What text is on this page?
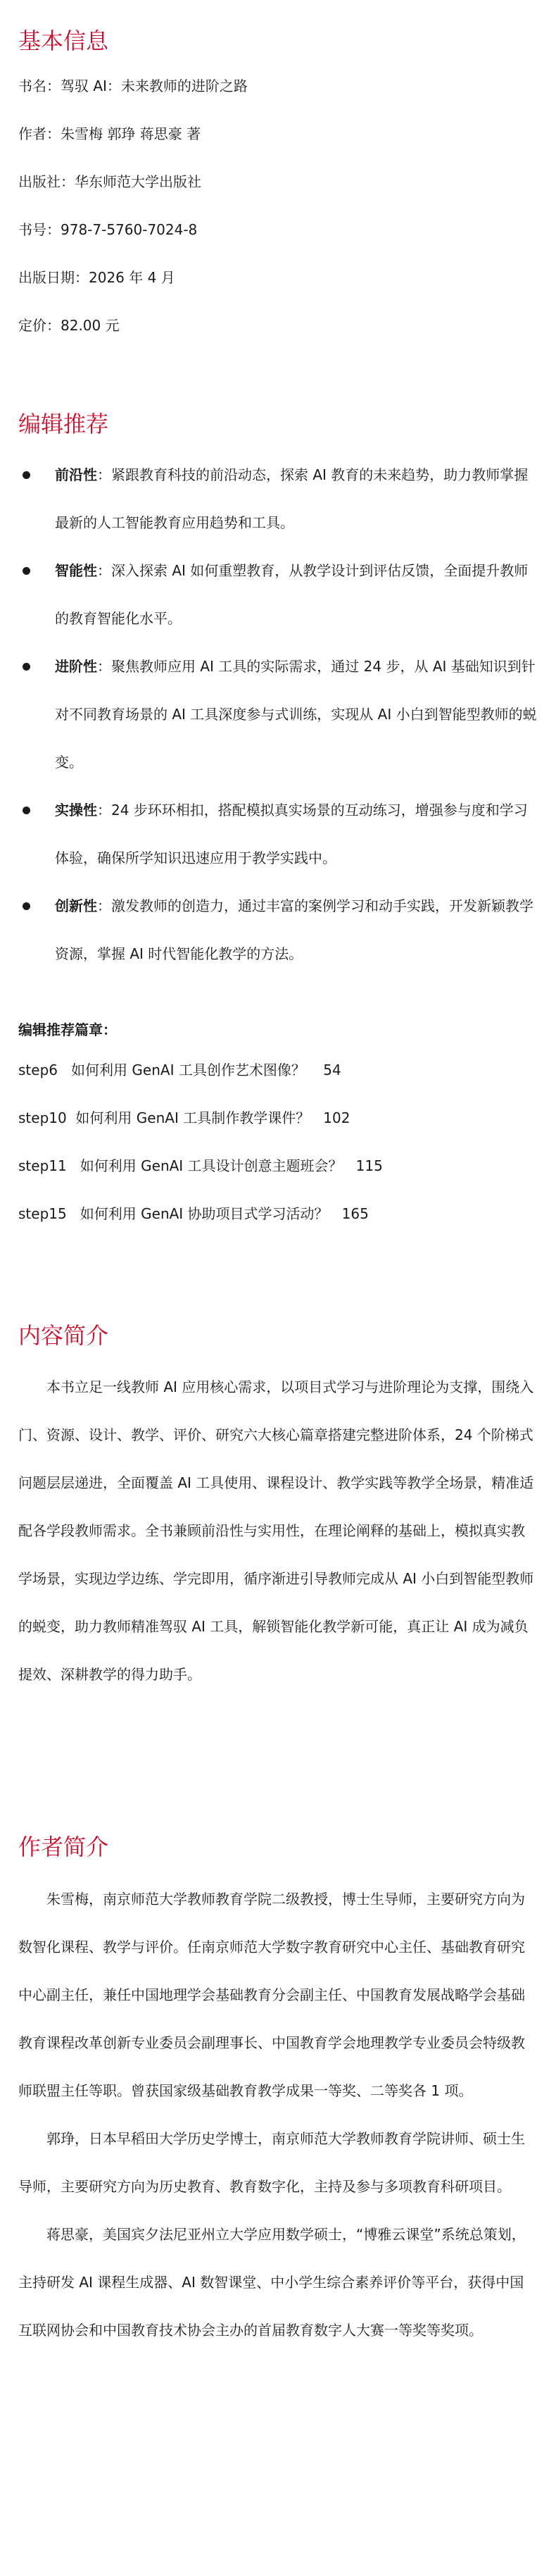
基本信息
书名：驾驭 AI：未来教师的进阶之路
作者：朱雪梅 郭琤 蒋思豪 著
出版社：华东师范大学出版社
书号：978-7-5760-7024-8
出版日期：2026 年 4 月
定价：82.00 元
编辑推荐
前沿性：紧跟教育科技的前沿动态，探索 AI 教育的未来趋势，助力教师掌握最新的人工智能教育应用趋势和工具。
智能性：深入探索 AI 如何重塑教育，从教学设计到评估反馈，全面提升教师的教育智能化水平。
进阶性：聚焦教师应用 AI 工具的实际需求，通过 24 步，从 AI 基础知识到针对不同教育场景的 AI 工具深度参与式训练，实现从 AI 小白到智能型教师的蜕变。
实操性：24 步环环相扣，搭配模拟真实场景的互动练习，增强参与度和学习体验，确保所学知识迅速应用于教学实践中。
创新性：激发教师的创造力，通过丰富的案例学习和动手实践，开发新颖教学资源，掌握 AI 时代智能化教学的方法。
编辑推荐篇章：
step6   如何利用 GenAI 工具创作艺术图像？    54
step10  如何利用 GenAI 工具制作教学课件？   102
step11   如何利用 GenAI 工具设计创意主题班会？   115
step15   如何利用 GenAI 协助项目式学习活动？   165
内容简介

本书立足一线教师 AI 应用核心需求，以项目式学习与进阶理论为支撑，围绕入门、资源、设计、教学、评价、研究六大核心篇章搭建完整进阶体系，24 个阶梯式问题层层递进，全面覆盖 AI 工具使用、课程设计、教学实践等教学全场景，精准适配各学段教师需求。全书兼顾前沿性与实用性，在理论阐释的基础上，模拟真实教学场景，实现边学边练、学完即用，循序渐进引导教师完成从 AI 小白到智能型教师的蜕变，助力教师精准驾驭 AI 工具，解锁智能化教学新可能，真正让 AI 成为减负提效、深耕教学的得力助手。

作者简介

朱雪梅，南京师范大学教师教育学院二级教授，博士生导师，主要研究方向为数智化课程、教学与评价。任南京师范大学数字教育研究中心主任、基础教育研究中心副主任，兼任中国地理学会基础教育分会副主任、中国教育发展战略学会基础教育课程改革创新专业委员会副理事长、中国教育学会地理教学专业委员会特级教师联盟主任等职。曾获国家级基础教育教学成果一等奖、二等奖各 1 项。

郭琤，日本早稻田大学历史学博士，南京师范大学教师教育学院讲师、硕士生导师，主要研究方向为历史教育、教育数字化，主持及参与多项教育科研项目。

蒋思豪，美国宾夕法尼亚州立大学应用数学硕士，“博雅云课堂”系统总策划，主持研发 AI 课程生成器、AI 数智课堂、中小学生综合素养评价等平台，获得中国互联网协会和中国教育技术协会主办的首届教育数字人大赛一等奖等奖项。
